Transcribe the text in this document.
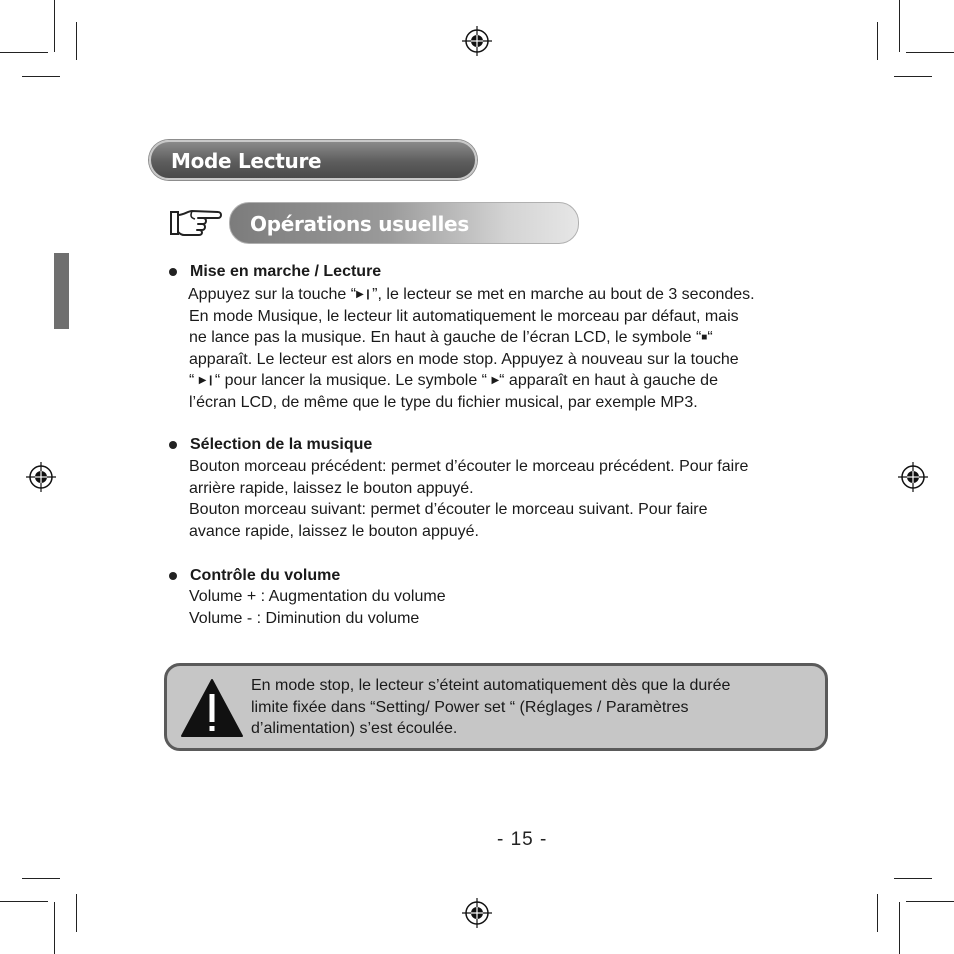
Mode Lecture
Opérations usuelles
Mise en marche / Lecture
Appuyez sur la touche “▶❙”, le lecteur se met en marche au bout de 3 secondes.
En mode Musique, le lecteur lit automatiquement le morceau par défaut, mais
ne lance pas la musique. En haut à gauche de l’écran LCD, le symbole “■“
apparaît. Le lecteur est alors en mode stop. Appuyez à nouveau sur la touche
“ ▶❙“ pour lancer la musique. Le symbole “ ▶“ apparaît en haut à gauche de
l’écran LCD, de même que le type du fichier musical, par exemple MP3.
Sélection de la musique
Bouton morceau précédent: permet d’écouter le morceau précédent. Pour faire
arrière rapide, laissez le bouton appuyé.
Bouton morceau suivant: permet d’écouter le morceau suivant. Pour faire
avance rapide, laissez le bouton appuyé.
Contrôle du volume
Volume + : Augmentation du volume
Volume - : Diminution du volume
En mode stop, le lecteur s’éteint automatiquement dès que la durée
limite fixée dans “Setting/ Power set “ (Réglages / Paramètres
d’alimentation) s’est écoulée.
- 15 -
